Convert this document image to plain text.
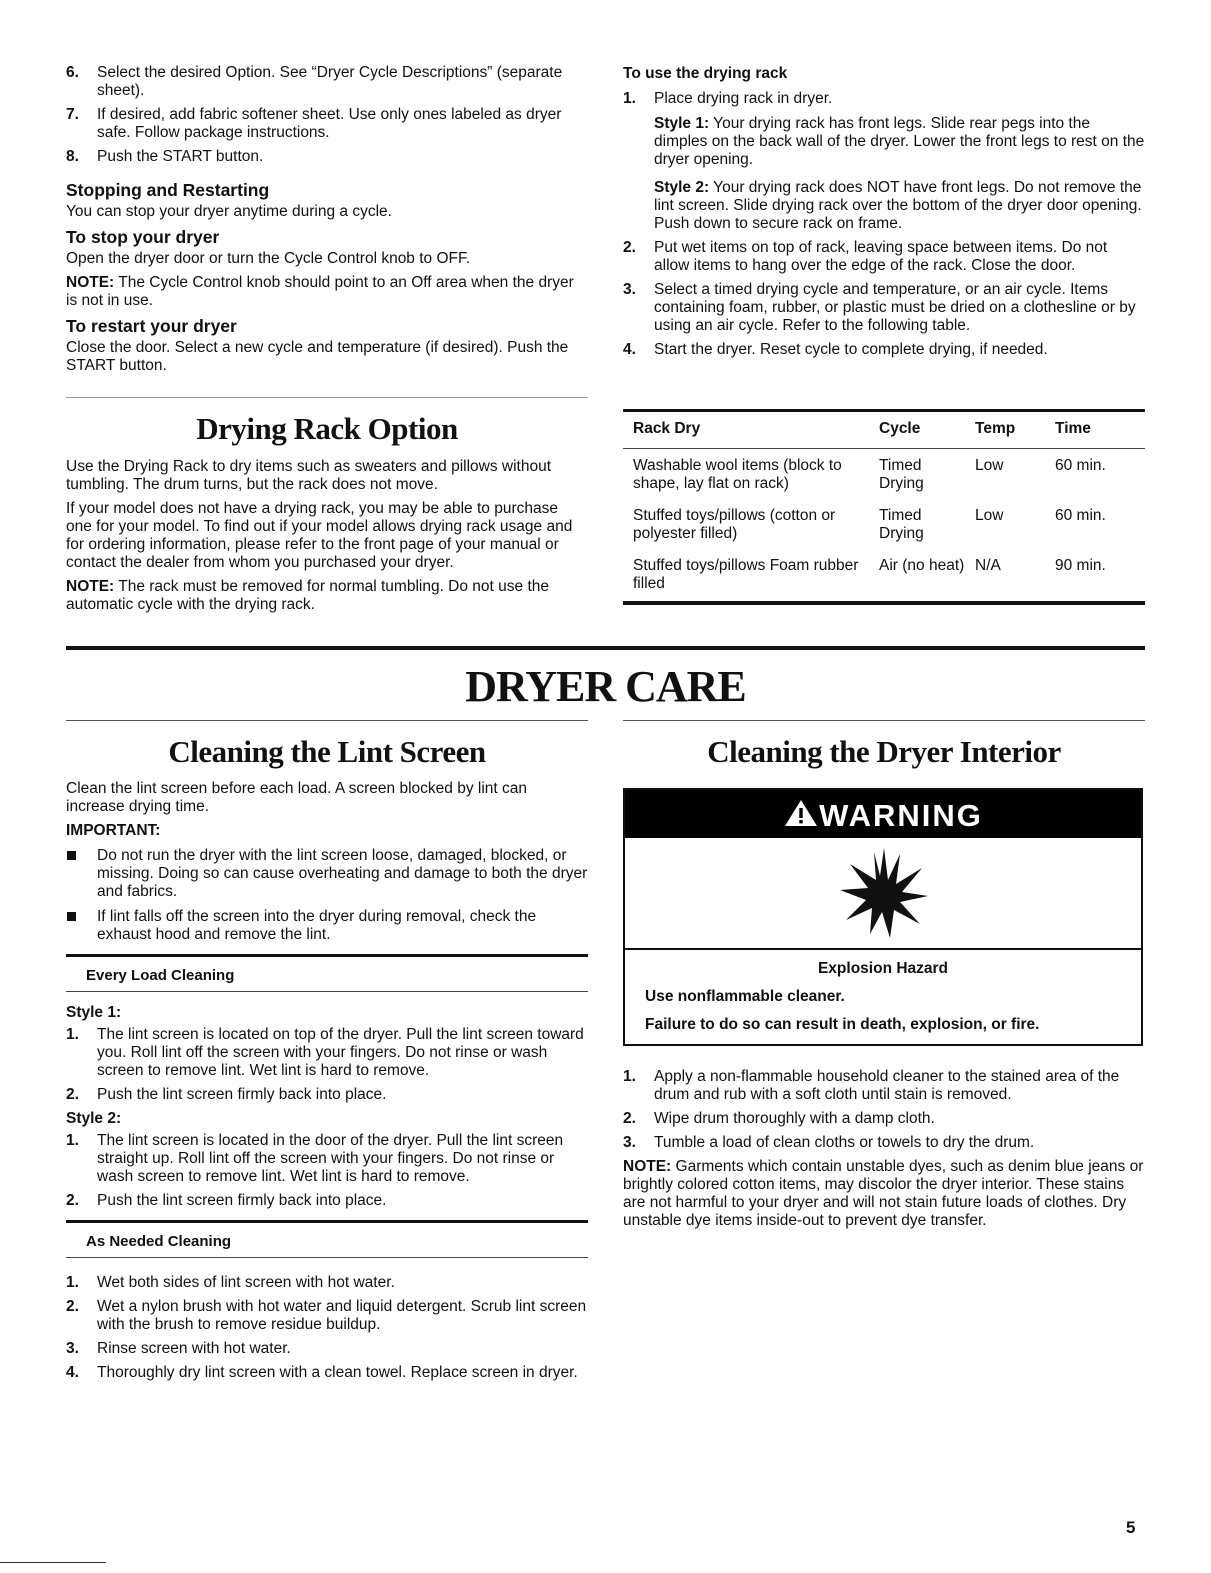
6. Select the desired Option. See “Dryer Cycle Descriptions” (separate sheet).
7. If desired, add fabric softener sheet. Use only ones labeled as dryer safe. Follow package instructions.
8. Push the START button.
Stopping and Restarting

You can stop your dryer anytime during a cycle.

To stop your dryer

Open the dryer door or turn the Cycle Control knob to OFF.

NOTE: The Cycle Control knob should point to an Off area when the dryer is not in use.

To restart your dryer

Close the door. Select a new cycle and temperature (if desired). Push the START button.

Drying Rack Option

Use the Drying Rack to dry items such as sweaters and pillows without tumbling. The drum turns, but the rack does not move.

If your model does not have a drying rack, you may be able to purchase one for your model. To find out if your model allows drying rack usage and for ordering information, please refer to the front page of your manual or contact the dealer from whom you purchased your dryer.

NOTE: The rack must be removed for normal tumbling. Do not use the automatic cycle with the drying rack.

To use the drying rack
1. Place drying rack in dryer.

Style 1: Your drying rack has front legs. Slide rear pegs into the dimples on the back wall of the dryer. Lower the front legs to rest on the dryer opening.

Style 2: Your drying rack does NOT have front legs. Do not remove the lint screen. Slide drying rack over the bottom of the dryer door opening. Push down to secure rack on frame.

2. Put wet items on top of rack, leaving space between items. Do not allow items to hang over the edge of the rack. Close the door.
3. Select a timed drying cycle and temperature, or an air cycle. Items containing foam, rubber, or plastic must be dried on a clothesline or by using an air cycle. Refer to the following table.
4. Start the dryer. Reset cycle to complete drying, if needed.
Rack Dry	Cycle	Temp	Time
Washable wool items (block to shape, lay flat on rack)	Timed Drying	Low	60 min.
Stuffed toys/pillows (cotton or polyester filled)	Timed Drying	Low	60 min.
Stuffed toys/pillows Foam rubber filled	Air (no heat)	N/A	90 min.
DRYER CARE
Cleaning the Lint Screen

Clean the lint screen before each load. A screen blocked by lint can increase drying time.

IMPORTANT:

Do not run the dryer with the lint screen loose, damaged, blocked, or missing. Doing so can cause overheating and damage to both the dryer and fabrics.
If lint falls off the screen into the dryer during removal, check the exhaust hood and remove the lint.
Every Load Cleaning

Style 1:

1. The lint screen is located on top of the dryer. Pull the lint screen toward you. Roll lint off the screen with your fingers. Do not rinse or wash screen to remove lint. Wet lint is hard to remove.
2. Push the lint screen firmly back into place.

Style 2:

1. The lint screen is located in the door of the dryer. Pull the lint screen straight up. Roll lint off the screen with your fingers. Do not rinse or wash screen to remove lint. Wet lint is hard to remove.
2. Push the lint screen firmly back into place.
As Needed Cleaning
1. Wet both sides of lint screen with hot water.
2. Wet a nylon brush with hot water and liquid detergent. Scrub lint screen with the brush to remove residue buildup.
3. Rinse screen with hot water.
4. Thoroughly dry lint screen with a clean towel. Replace screen in dryer.
Cleaning the Dryer Interior
WARNING
Explosion Hazard
Use nonflammable cleaner.
Failure to do so can result in death, explosion, or fire.
1. Apply a non-flammable household cleaner to the stained area of the drum and rub with a soft cloth until stain is removed.
2. Wipe drum thoroughly with a damp cloth.
3. Tumble a load of clean cloths or towels to dry the drum.

NOTE: Garments which contain unstable dyes, such as denim blue jeans or brightly colored cotton items, may discolor the dryer interior. These stains are not harmful to your dryer and will not stain future loads of clothes. Dry unstable dye items inside-out to prevent dye transfer.

5
